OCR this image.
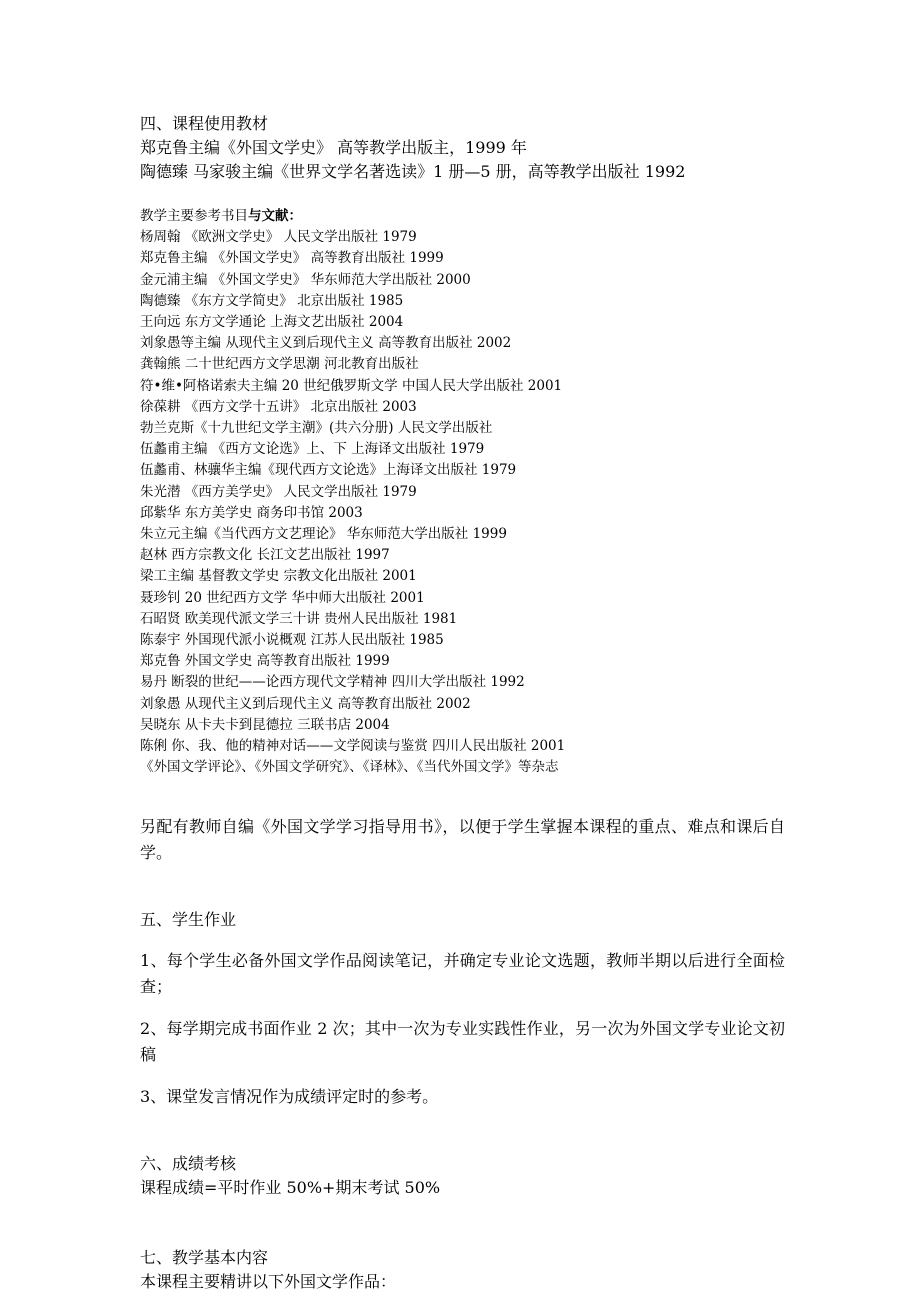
四、课程使用教材

郑克鲁主编《外国文学史》 高等教学出版主，1999 年

陶德臻 马家骏主编《世界文学名著选读》1 册—5 册，高等教学出版社 1992

教学主要参考书目与文献：

杨周翰 《欧洲文学史》 人民文学出版社 1979

郑克鲁主编 《外国文学史》 高等教育出版社 1999

金元浦主编 《外国文学史》 华东师范大学出版社 2000

陶德臻 《东方文学简史》 北京出版社 1985

王向远 东方文学通论 上海文艺出版社 2004

刘象愚等主编 从现代主义到后现代主义 高等教育出版社 2002

龚翰熊 二十世纪西方文学思潮 河北教育出版社

符•维•阿格诺索夫主编 20 世纪俄罗斯文学 中国人民大学出版社 2001

徐葆耕 《西方文学十五讲》 北京出版社 2003

勃兰克斯《十九世纪文学主潮》(共六分册) 人民文学出版社

伍蠡甫主编 《西方文论选》上、下 上海译文出版社 1979

伍蠡甫、林骧华主编《现代西方文论选》上海译文出版社 1979

朱光潜 《西方美学史》 人民文学出版社 1979

邱紫华 东方美学史 商务印书馆 2003

朱立元主编《当代西方文艺理论》 华东师范大学出版社 1999

赵林 西方宗教文化 长江文艺出版社 1997

梁工主编 基督教文学史 宗教文化出版社 2001

聂珍钊 20 世纪西方文学 华中师大出版社 2001

石昭贤 欧美现代派文学三十讲 贵州人民出版社 1981

陈泰宇 外国现代派小说概观 江苏人民出版社 1985

郑克鲁 外国文学史 高等教育出版社 1999

易丹 断裂的世纪——论西方现代文学精神 四川大学出版社 1992

刘象愚 从现代主义到后现代主义 高等教育出版社 2002

吴晓东 从卡夫卡到昆德拉 三联书店 2004

陈俐 你、我、他的精神对话——文学阅读与鉴赏 四川人民出版社 2001

《外国文学评论》、《外国文学研究》、《译林》、《当代外国文学》等杂志

另配有教师自编《外国文学学习指导用书》，以便于学生掌握本课程的重点、难点和课后自学。

五、学生作业

1、每个学生必备外国文学作品阅读笔记，并确定专业论文选题，教师半期以后进行全面检查；

2、每学期完成书面作业 2 次；其中一次为专业实践性作业，另一次为外国文学专业论文初稿

3、课堂发言情况作为成绩评定时的参考。

六、成绩考核

课程成绩=平时作业 50%+期末考试 50%

七、教学基本内容

本课程主要精讲以下外国文学作品：
